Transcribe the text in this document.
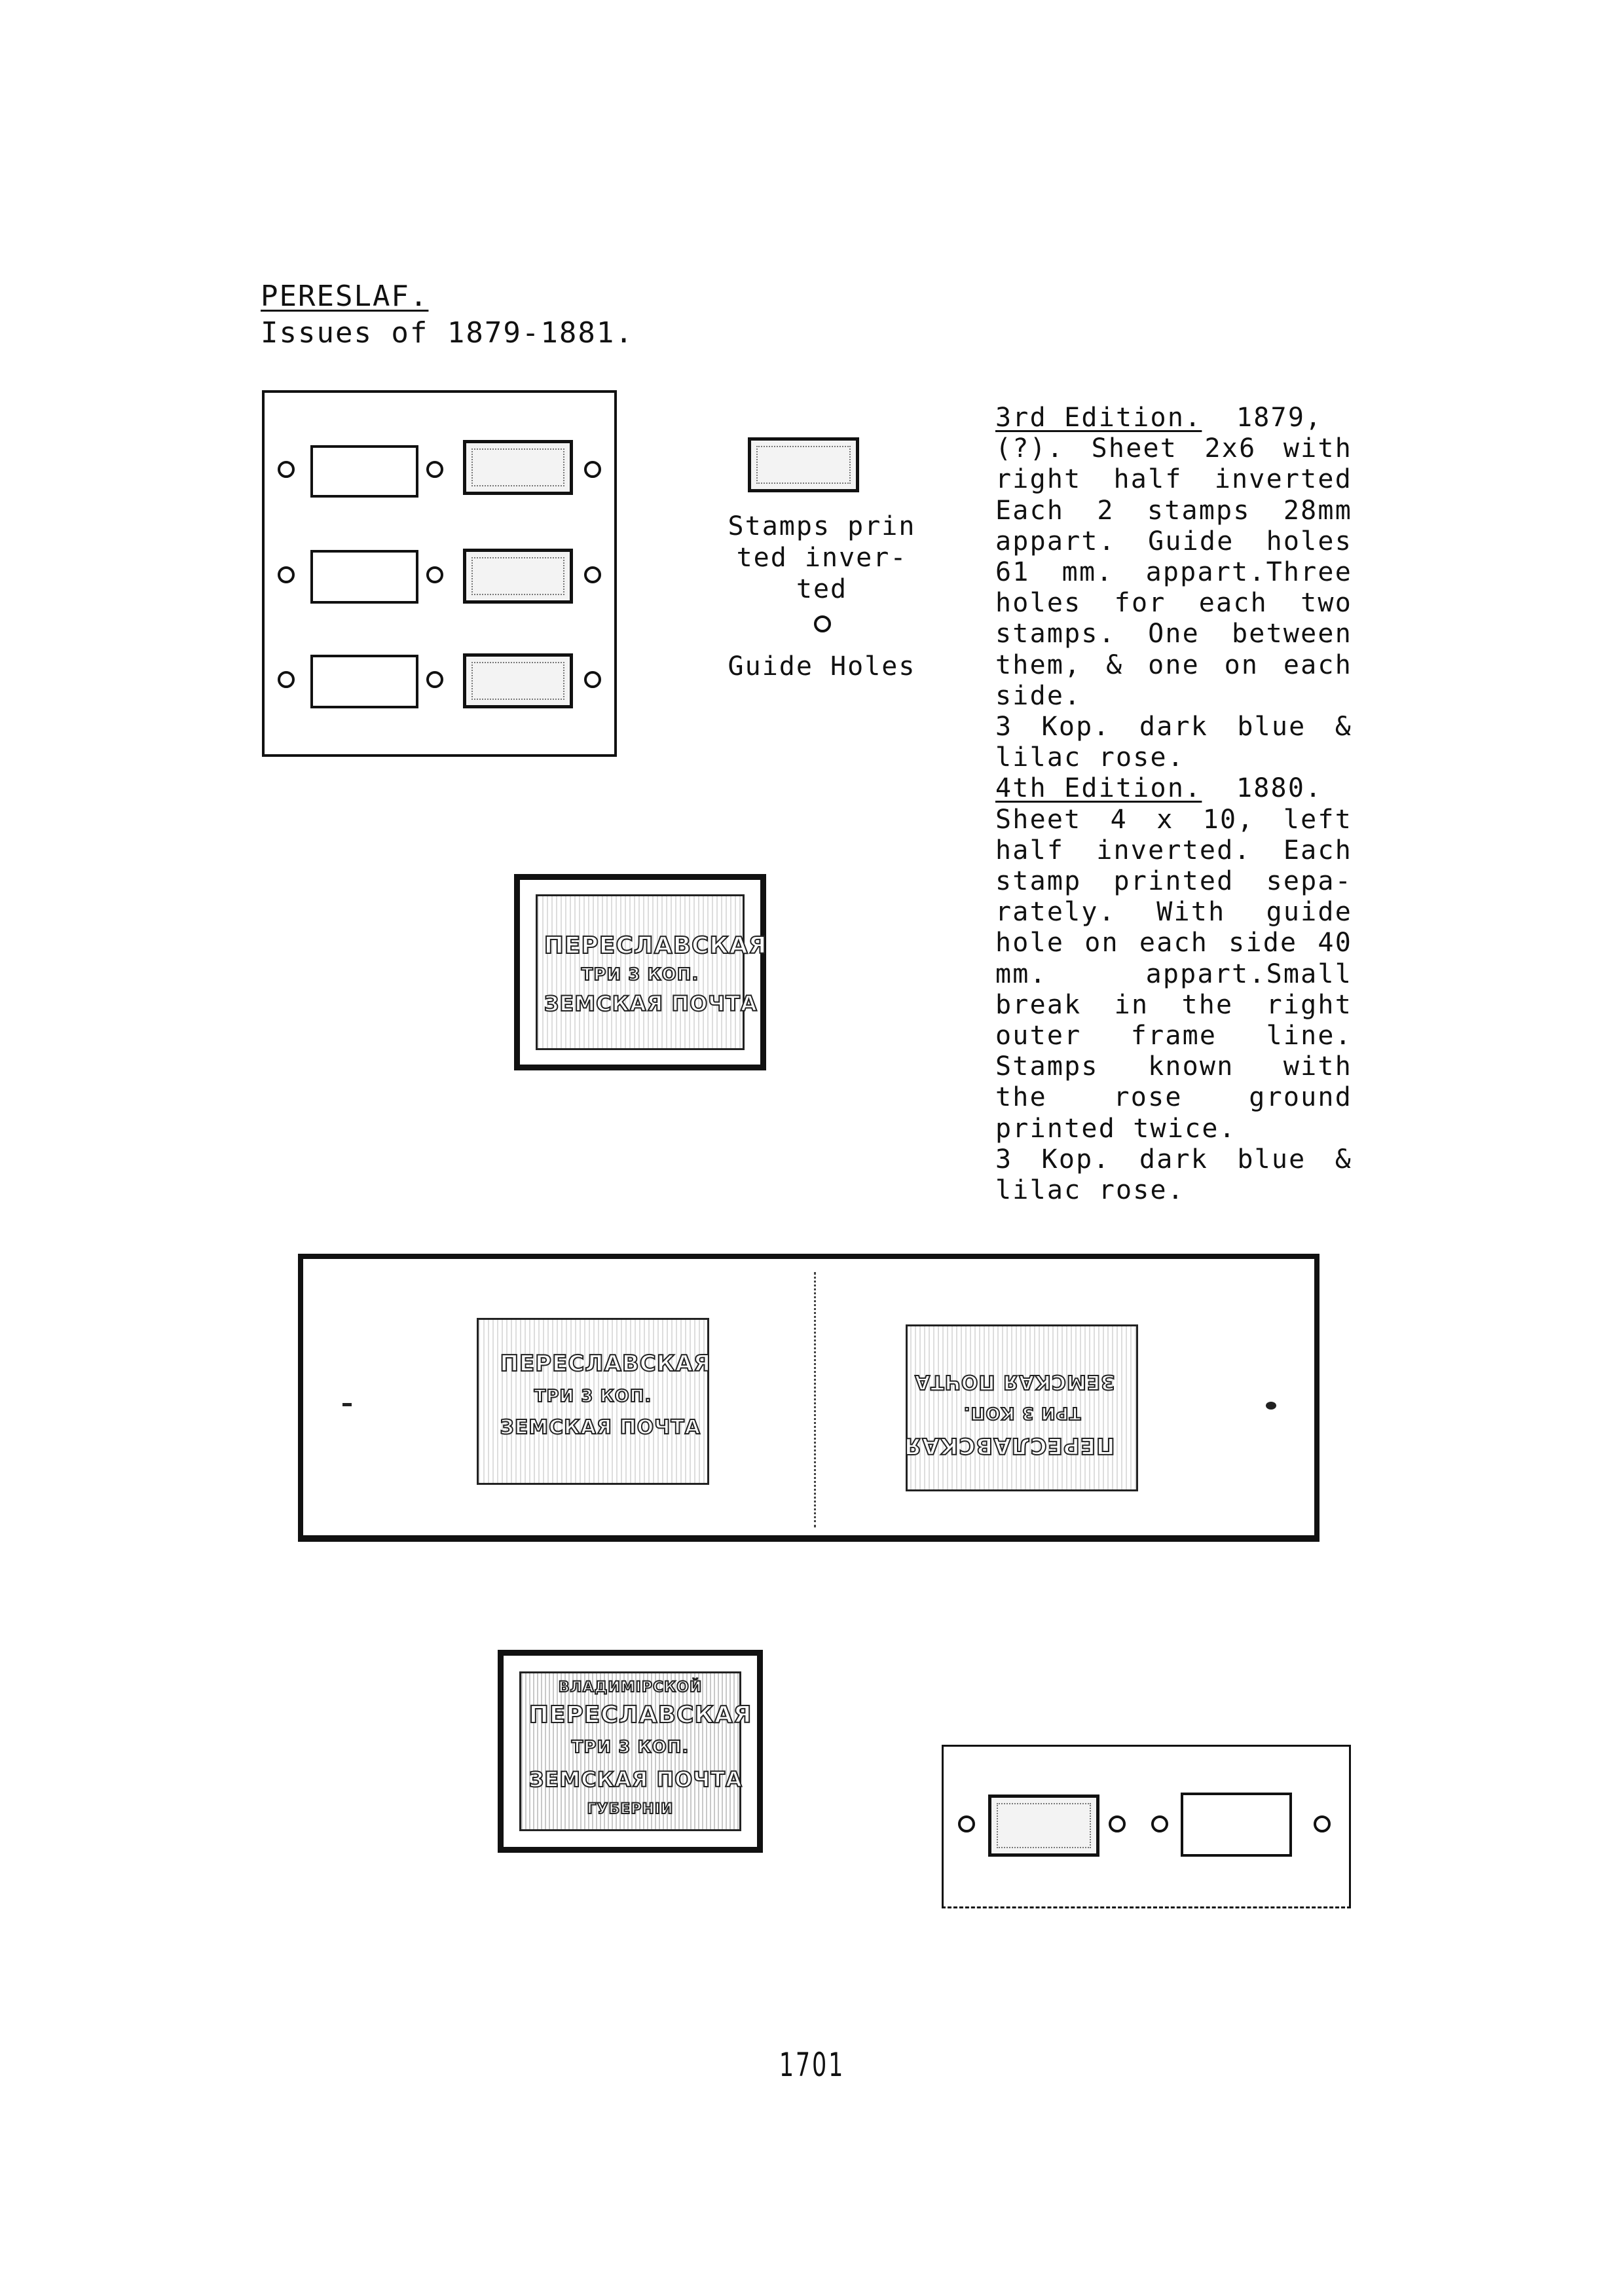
PERESLAF.
Issues of 1879-1881.
Stamps prin ted inver- ted
Guide Holes

3rd Edition. 1879,

(?). Sheet 2x6 with right half inverted Each 2 stamps 28mm appart. Guide holes 61 mm. appart.Three holes for each two stamps. One between them, & one on each side.

3 Kop. dark blue & lilac rose.

4th Edition. 1880.

Sheet 4 x 10, left half inverted. Each stamp printed sepa- rately. With guide hole on each side 40 mm. appart.Small break in the right outer frame line. Stamps known with the rose ground printed twice.

3 Kop. dark blue & lilac rose.

ПЕРЕСЛАВСКАЯ
ТРИ 3 КОП.
ЗЕМСКАЯ ПОЧТА
ПЕРЕСЛАВСКАЯ
ТРИ 3 КОП.
ЗЕМСКАЯ ПОЧТА
ПЕРЕСЛАВСКАЯ
ТРИ 3 КОП.
ЗЕМСКАЯ ПОЧТА
ВЛАДИМIРСКОЙ
ПЕРЕСЛАВСКАЯ
ТРИ 3 КОП.
ЗЕМСКАЯ ПОЧТА
ГУБЕРНIИ
1701
